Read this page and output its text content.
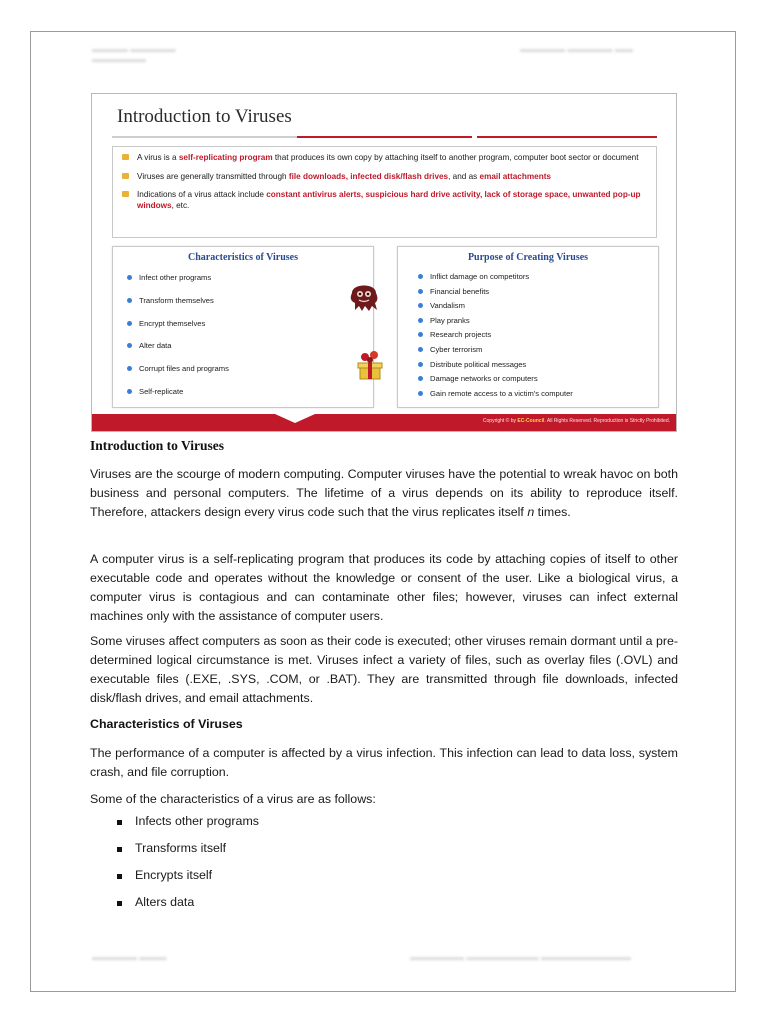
▬▬▬▬ ▬▬▬▬▬
▬▬▬▬▬▬
▬▬▬▬▬ ▬▬▬▬▬ ▬▬
▬▬▬▬▬ ▬▬▬	▬▬▬▬▬▬ ▬▬▬▬▬▬▬▬ ▬▬▬▬▬▬▬▬▬▬
Introduction to Viruses
A virus is a self-replicating program that produces its own copy by attaching itself to another program, computer boot sector or document
Viruses are generally transmitted through file downloads, infected disk/flash drives, and as email attachments
Indications of a virus attack include constant antivirus alerts, suspicious hard drive activity, lack of storage space, unwanted pop-up windows, etc.
Characteristics of Viruses
Infect other programs
Transform themselves
Encrypt themselves
Alter data
Corrupt files and programs
Self-replicate
Purpose of Creating Viruses
Inflict damage on competitors
Financial benefits
Vandalism
Play pranks
Research projects
Cyber terrorism
Distribute political messages
Damage networks or computers
Gain remote access to a victim's computer
Copyright © by EC-Council. All Rights Reserved. Reproduction is Strictly Prohibited.
Introduction to Viruses

Viruses are the scourge of modern computing. Computer viruses have the potential to wreak havoc on both business and personal computers. The lifetime of a virus depends on its ability to reproduce itself. Therefore, attackers design every virus code such that the virus replicates itself n times.

A computer virus is a self-replicating program that produces its code by attaching copies of itself to other executable code and operates without the knowledge or consent of the user. Like a biological virus, a computer virus is contagious and can contaminate other files; however, viruses can infect external machines only with the assistance of computer users.

Some viruses affect computers as soon as their code is executed; other viruses remain dormant until a pre-determined logical circumstance is met. Viruses infect a variety of files, such as overlay files (.OVL) and executable files (.EXE, .SYS, .COM, or .BAT). They are transmitted through file downloads, infected disk/flash drives, and email attachments.

Characteristics of Viruses

The performance of a computer is affected by a virus infection. This infection can lead to data loss, system crash, and file corruption.

Some of the characteristics of a virus are as follows:

Infects other programs
Transforms itself
Encrypts itself
Alters data
